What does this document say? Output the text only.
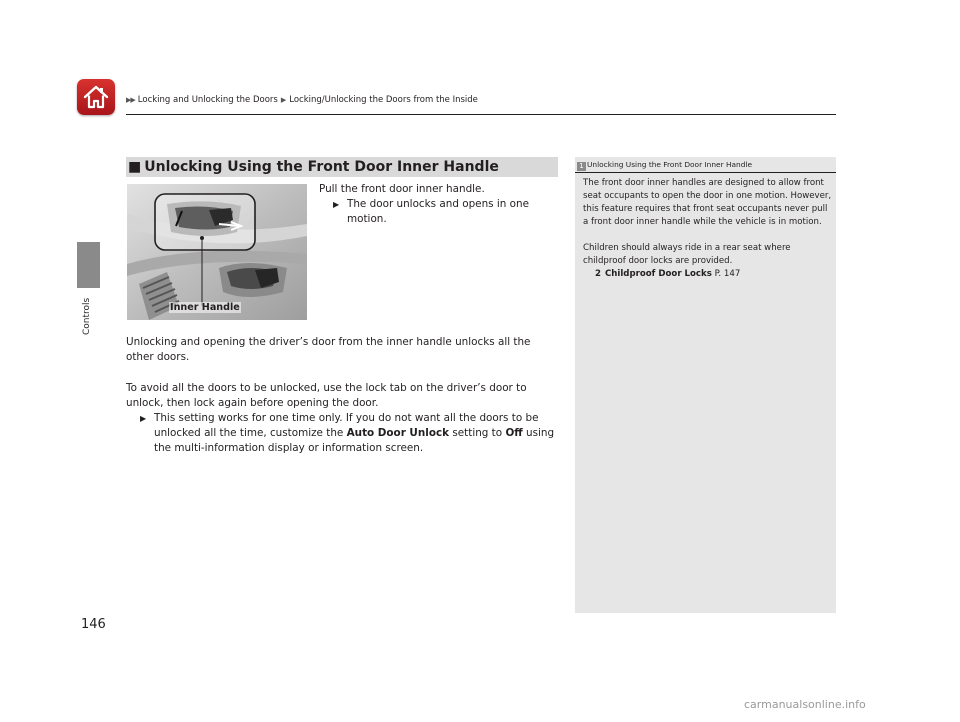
▶▶ Locking and Unlocking the Doors ▶ Locking/Unlocking the Doors from the Inside
Controls
■ Unlocking Using the Front Door Inner Handle
Inner Handle
Pull the front door inner handle.
▶ The door unlocks and opens in one motion.
Unlocking and opening the driver’s door from the inner handle unlocks all the other doors.
To avoid all the doors to be unlocked, use the lock tab on the driver’s door to unlock, then lock again before opening the door.
▶ This setting works for one time only. If you do not want all the doors to be unlocked all the time, customize the Auto Door Unlock setting to Off using the multi-information display or information screen.
1 Unlocking Using the Front Door Inner Handle

The front door inner handles are designed to allow front seat occupants to open the door in one motion. However, this feature requires that front seat occupants never pull a front door inner handle while the vehicle is in motion.

Children should always ride in a rear seat where childproof door locks are provided.

2 Childproof Door Locks P. 147
146
carmanualsonline.info
